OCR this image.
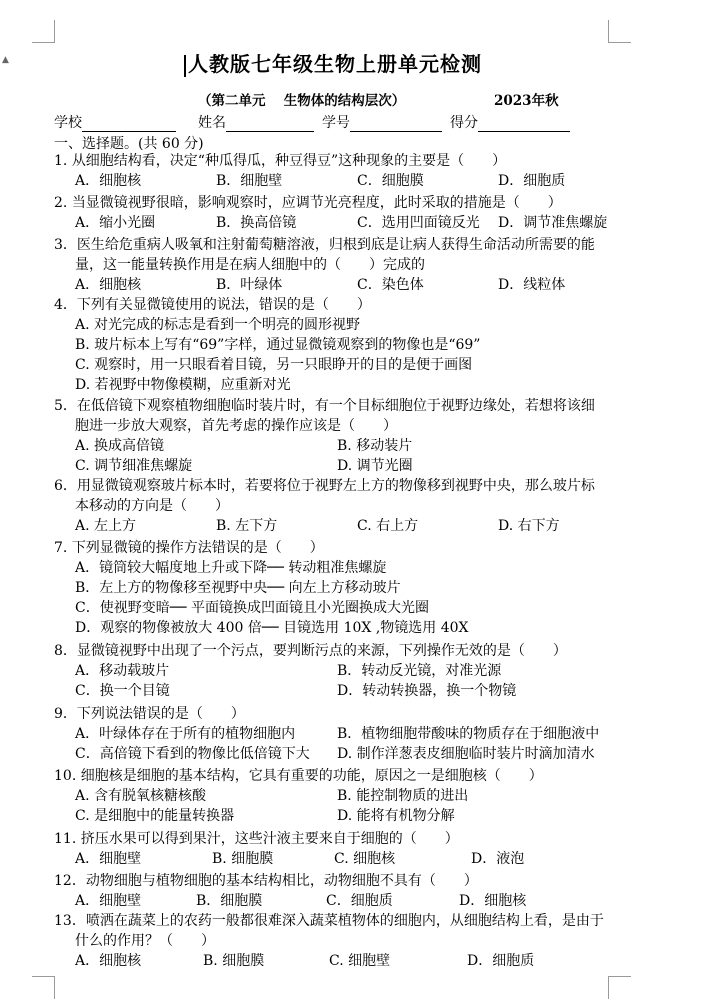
▲	人教版七年级生物上册单元检测
（第二单元　 生物体的结构层次）	2023年秋
学校	姓名	学号	得分
一、选择题。(共 60 分)
1. 从细胞结构看，决定“种瓜得瓜，种豆得豆”这种现象的主要是（　　）
A．细胞核	B．细胞壁	C．细胞膜	D．细胞质
2. 当显微镜视野很暗，影响观察时，应调节光亮程度，此时采取的措施是（　　）
A．缩小光圈	B．换高倍镜	C．选用凹面镜反光	D．调节准焦螺旋
3．医生给危重病人吸氧和注射葡萄糖溶液，归根到底是让病人获得生命活动所需要的能
量，这一能量转换作用是在病人细胞中的（　　）完成的
A．细胞核	B．叶绿体	C．染色体	D．线粒体
4．下列有关显微镜使用的说法，错误的是（　　）
A. 对光完成的标志是看到一个明亮的圆形视野
B. 玻片标本上写有“69”字样，通过显微镜观察到的物像也是“69”
C. 观察时，用一只眼看着目镜，另一只眼睁开的目的是便于画图
D. 若视野中物像模糊，应重新对光
5．在低倍镜下观察植物细胞临时装片时，有一个目标细胞位于视野边缘处，若想将该细
胞进一步放大观察，首先考虑的操作应该是（　　）
A. 换成高倍镜	B. 移动装片
C. 调节细准焦螺旋	D. 调节光圈
6．用显微镜观察玻片标本时，若要将位于视野左上方的物像移到视野中央，那么玻片标
本移动的方向是（　　）
A. 左上方	B. 左下方	C. 右上方	D. 右下方
7. 下列显微镜的操作方法错误的是（　　）
A．镜筒较大幅度地上升或下降── 转动粗准焦螺旋
B．左上方的物像移至视野中央── 向左上方移动玻片
C．使视野变暗── 平面镜换成凹面镜且小光圈换成大光圈
D．观察的物像被放大 400 倍── 目镜选用 10X ,物镜选用 40X
8．显微镜视野中出现了一个污点，要判断污点的来源，下列操作无效的是（　　）
A．移动载玻片	B．转动反光镜，对准光源
C．换一个目镜	D．转动转换器，换一个物镜
9．下列说法错误的是（　　）
A．叶绿体存在于所有的植物细胞内	B．植物细胞带酸味的物质存在于细胞液中
C．高倍镜下看到的物像比低倍镜下大	D. 制作洋葱表皮细胞临时装片时滴加清水
10. 细胞核是细胞的基本结构，它具有重要的功能，原因之一是细胞核（　　）
A. 含有脱氧核糖核酸	B. 能控制物质的进出
C. 是细胞中的能量转换器	D. 能将有机物分解
11. 挤压水果可以得到果汁，这些汁液主要来自于细胞的（　　）
A．细胞壁	B. 细胞膜	C. 细胞核	D．液泡
12．动物细胞与植物细胞的基本结构相比，动物细胞不具有（　　）
A．细胞壁	B．细胞膜	C．细胞质	D．细胞核
13．喷洒在蔬菜上的农药一般都很难深入蔬菜植物体的细胞内，从细胞结构上看，是由于
什么的作用？（　　）
A．细胞核	B. 细胞膜	C. 细胞壁	D．细胞质
